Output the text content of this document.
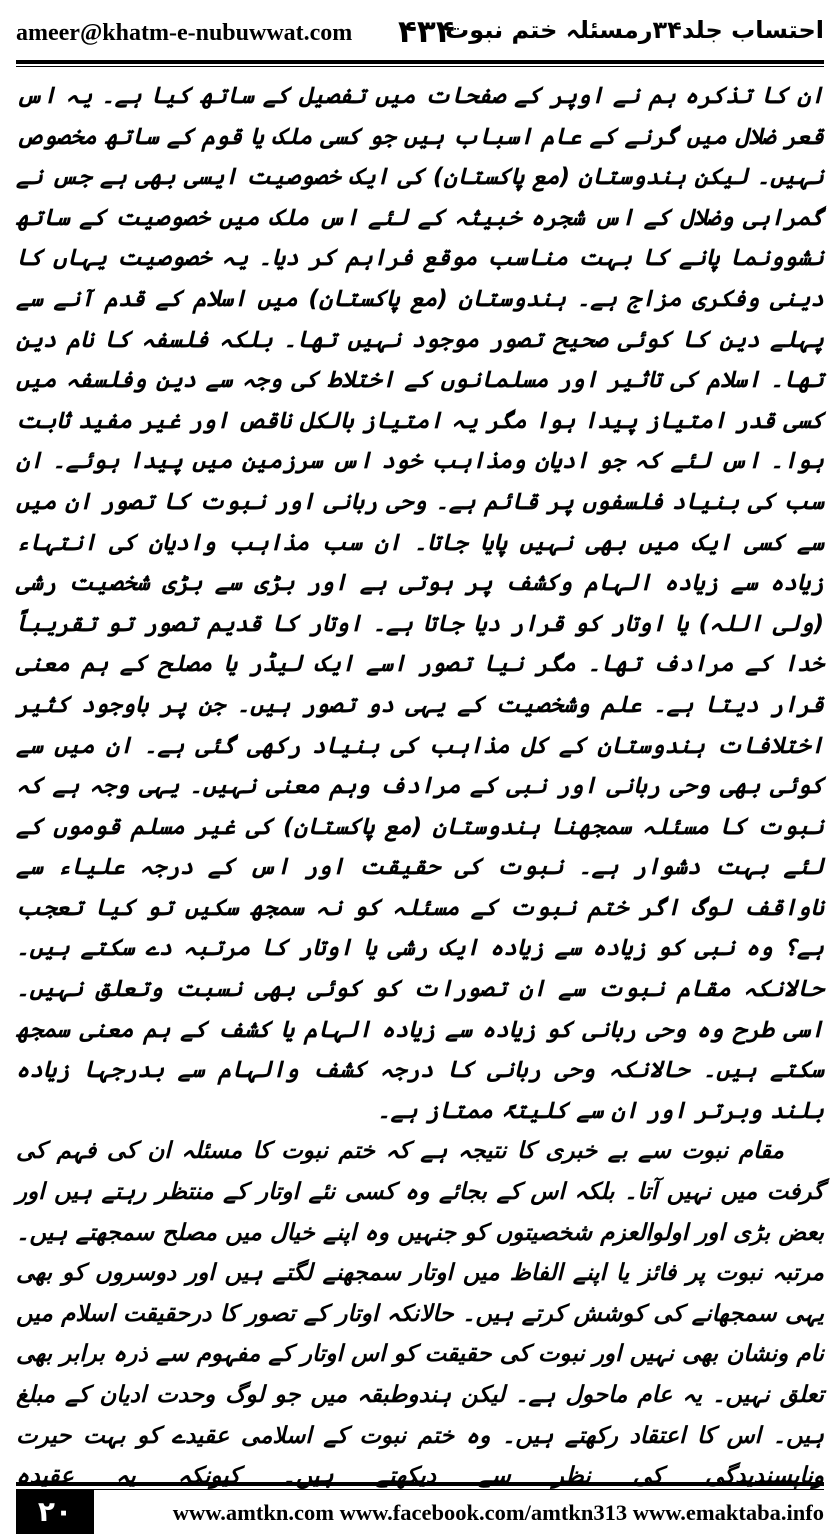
ameer@khatm-e-nubuwwat.com ۴۳۴
احتساب جلد۳۴رمسئلہ ختم نبوت

ان کا تذکرہ ہم نے اوپر کے صفحات میں تفصیل کے ساتھ کیا ہے۔ یہ اس قعر ضلال میں گرنے کے عام اسباب ہیں جو کسی ملک یا قوم کے ساتھ مخصوص نہیں۔ لیکن ہندوستان (مع پاکستان) کی ایک خصوصیت ایسی بھی ہے جس نے گمراہی وضلال کے اس شجرہ خبیثہ کے لئے اس ملک میں خصوصیت کے ساتھ نشوونما پانے کا بہت مناسب موقع فراہم کر دیا۔ یہ خصوصیت یہاں کا دینی وفکری مزاج ہے۔ ہندوستان (مع پاکستان) میں اسلام کے قدم آنے سے پہلے دین کا کوئی صحیح تصور موجود نہیں تھا۔ بلکہ فلسفہ کا نام دین تھا۔ اسلام کی تاثیر اور مسلمانوں کے اختلاط کی وجہ سے دین وفلسفہ میں کسی قدر امتیاز پیدا ہوا مگر یہ امتیاز بالکل ناقص اور غیر مفید ثابت ہوا۔ اس لئے کہ جو ادیان ومذاہب خود اس سرزمین میں پیدا ہوئے۔ ان سب کی بنیاد فلسفوں پر قائم ہے۔ وحی ربانی اور نبوت کا تصور ان میں سے کسی ایک میں بھی نہیں پایا جاتا۔ ان سب مذاہب وادیان کی انتہاء زیادہ سے زیادہ الہام وکشف پر ہوتی ہے اور بڑی سے بڑی شخصیت رشی (ولی اللہ) یا اوتار کو قرار دیا جاتا ہے۔ اوتار کا قدیم تصور تو تقریباً خدا کے مرادف تھا۔ مگر نیا تصور اسے ایک لیڈر یا مصلح کے ہم معنی قرار دیتا ہے۔ علم وشخصیت کے یہی دو تصور ہیں۔ جن پر باوجود کثیر اختلافات ہندوستان کے کل مذاہب کی بنیاد رکھی گئی ہے۔ ان میں سے کوئی بھی وحی ربانی اور نبی کے مرادف وہم معنی نہیں۔ یہی وجہ ہے کہ نبوت کا مسئلہ سمجھنا ہندوستان (مع پاکستان) کی غیر مسلم قوموں کے لئے بہت دشوار ہے۔ نبوت کی حقیقت اور اس کے درجہ علیاء سے ناواقف لوگ اگر ختم نبوت کے مسئلہ کو نہ سمجھ سکیں تو کیا تعجب ہے؟ وہ نبی کو زیادہ سے زیادہ ایک رشی یا اوتار کا مرتبہ دے سکتے ہیں۔ حالانکہ مقام نبوت سے ان تصورات کو کوئی بھی نسبت وتعلق نہیں۔ اسی طرح وہ وحی ربانی کو زیادہ سے زیادہ الہام یا کشف کے ہم معنی سمجھ سکتے ہیں۔ حالانکہ وحی ربانی کا درجہ کشف والہام سے بدرجہا زیادہ بلند وبرتر اور ان سے کلیتہً ممتاز ہے۔

مقام نبوت سے بے خبری کا نتیجہ ہے کہ ختم نبوت کا مسئلہ ان کی فہم کی گرفت میں نہیں آتا۔ بلکہ اس کے بجائے وہ کسی نئے اوتار کے منتظر رہتے ہیں اور بعض بڑی اور اولوالعزم شخصیتوں کو جنہیں وہ اپنے خیال میں مصلح سمجھتے ہیں۔ مرتبہ نبوت پر فائز یا اپنے الفاظ میں اوتار سمجھنے لگتے ہیں اور دوسروں کو بھی یہی سمجھانے کی کوشش کرتے ہیں۔ حالانکہ اوتار کے تصور کا درحقیقت اسلام میں نام ونشان بھی نہیں اور نبوت کی حقیقت کو اس اوتار کے مفہوم سے ذرہ برابر بھی تعلق نہیں۔ یہ عام ماحول ہے۔ لیکن ہندوطبقہ میں جو لوگ وحدت ادیان کے مبلغ ہیں۔ اس کا اعتقاد رکھتے ہیں۔ وہ ختم نبوت کے اسلامی عقیدے کو بہت حیرت وناپسندیدگی کی نظر سے دیکھتے ہیں۔ کیونکہ یہ عقیدہ

۲۰	www.amtkn.com www.facebook.com/amtkn313 www.emaktaba.info
